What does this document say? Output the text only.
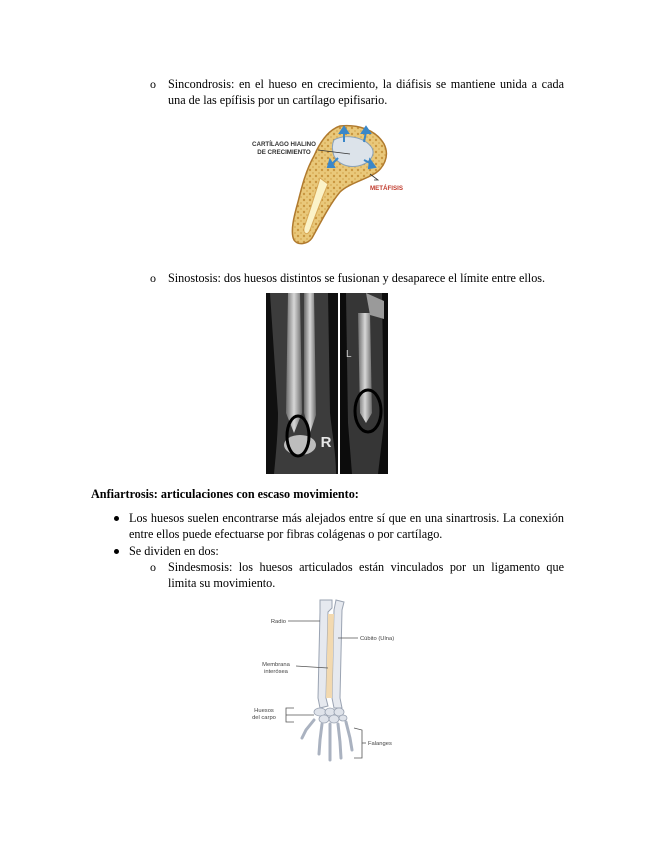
o Sincondrosis: en el hueso en crecimiento, la diáfisis se mantiene unida a cada una de las epífisis por un cartílago epifisario.
CARTÍLAGO HIALINO
DE CRECIMIENTO
METÁFISIS
o Sinostosis: dos huesos distintos se fusionan y desaparece el límite entre ellos.
R
L
Anfiartrosis: articulaciones con escaso movimiento:
Los huesos suelen encontrarse más alejados entre sí que en una sinartrosis. La conexión entre ellos puede efectuarse por fibras colágenas o por cartílago.
Se dividen en dos:
o Sindesmosis: los huesos articulados están vinculados por un ligamento que limita su movimiento.
Radio
Cúbito (Ulna)
Membrana
interósea
Huesos
del carpo
Falanges
